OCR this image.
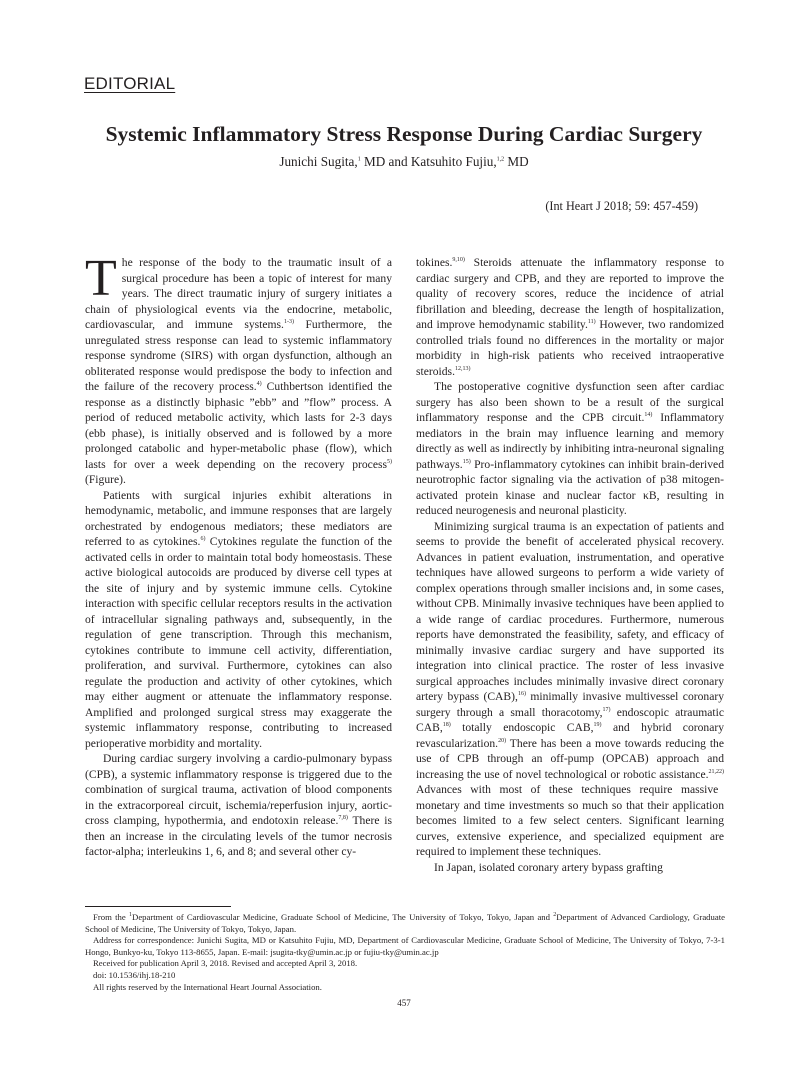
EDITORIAL
Systemic Inflammatory Stress Response During Cardiac Surgery
Junichi Sugita,$^1$ MD and Katsuhito Fujiu,$^{1,2}$ MD
(Int Heart J 2018; 59: 457-459)

The response of the body to the traumatic insult of a surgical procedure has been a topic of interest for many years. The direct traumatic injury of surgery initiates a chain of physiological events via the endocrine, metabolic, cardiovascular, and immune systems.$^{1-3)}$ Furthermore, the unregulated stress response can lead to systemic inflammatory response syndrome (SIRS) with organ dysfunction, although an obliterated response would predispose the body to infection and the failure of the recovery process.$^{4)}$ Cuthbertson identified the response as a distinctly biphasic ”ebb” and ”flow” process. A period of reduced metabolic activity, which lasts for 2-3 days (ebb phase), is initially observed and is followed by a more prolonged catabolic and hyper-metabolic phase (flow), which lasts for over a week depending on the recovery process$^{5)}$ (Figure).

Patients with surgical injuries exhibit alterations in hemodynamic, metabolic, and immune responses that are largely orchestrated by endogenous mediators; these mediators are referred to as cytokines.$^{6)}$ Cytokines regulate the function of the activated cells in order to maintain total body homeostasis. These active biological autocoids are produced by diverse cell types at the site of injury and by systemic immune cells. Cytokine interaction with specific cellular receptors results in the activation of intracellular signaling pathways and, subsequently, in the regulation of gene transcription. Through this mechanism, cytokines contribute to immune cell activity, differentiation, proliferation, and survival. Furthermore, cytokines can also regulate the production and activity of other cytokines, which may either augment or attenuate the inflammatory response. Amplified and prolonged surgical stress may exaggerate the systemic inflammatory response, contributing to increased perioperative morbidity and mortality.

During cardiac surgery involving a cardio-pulmonary bypass (CPB), a systemic inflammatory response is triggered due to the combination of surgical trauma, activation of blood components in the extracorporeal circuit, ischemia/reperfusion injury, aortic-cross clamping, hypothermia, and endotoxin release.$^{7,8)}$ There is then an increase in the circulating levels of the tumor necrosis factor-alpha; interleukins 1, 6, and 8; and several other cy-

tokines.$^{9,10)}$ Steroids attenuate the inflammatory response to cardiac surgery and CPB, and they are reported to improve the quality of recovery scores, reduce the incidence of atrial fibrillation and bleeding, decrease the length of hospitalization, and improve hemodynamic stability.$^{11)}$ However, two randomized controlled trials found no differences in the mortality or major morbidity in high-risk patients who received intraoperative steroids.$^{12,13)}$

The postoperative cognitive dysfunction seen after cardiac surgery has also been shown to be a result of the surgical inflammatory response and the CPB circuit.$^{14)}$ Inflammatory mediators in the brain may influence learning and memory directly as well as indirectly by inhibiting intra-neuronal signaling pathways.$^{15)}$ Pro-inflammatory cytokines can inhibit brain-derived neurotrophic factor signaling via the activation of p38 mitogen-activated protein kinase and nuclear factor κB, resulting in reduced neurogenesis and neuronal plasticity.

Minimizing surgical trauma is an expectation of patients and seems to provide the benefit of accelerated physical recovery. Advances in patient evaluation, instrumentation, and operative techniques have allowed surgeons to perform a wide variety of complex operations through smaller incisions and, in some cases, without CPB. Minimally invasive techniques have been applied to a wide range of cardiac procedures. Furthermore, numerous reports have demonstrated the feasibility, safety, and efficacy of minimally invasive cardiac surgery and have supported its integration into clinical practice. The roster of less invasive surgical approaches includes minimally invasive direct coronary artery bypass (CAB),$^{16)}$ minimally invasive multivessel coronary surgery through a small thoracotomy,$^{17)}$ endoscopic atraumatic CAB,$^{18)}$ totally endoscopic CAB,$^{19)}$ and hybrid coronary revascularization.$^{20)}$ There has been a move towards reducing the use of CPB through an off-pump (OPCAB) approach and increasing the use of novel technological or robotic assistance.$^{21,22)}$ Advances with most of these techniques require massive monetary and time investments so much so that their application becomes limited to a few select centers. Significant learning curves, extensive experience, and specialized equipment are required to implement these techniques.

In Japan, isolated coronary artery bypass grafting

From the $^1$Department of Cardiovascular Medicine, Graduate School of Medicine, The University of Tokyo, Tokyo, Japan and $^2$Department of Advanced Cardiology, Graduate School of Medicine, The University of Tokyo, Tokyo, Japan.
Address for correspondence: Junichi Sugita, MD or Katsuhito Fujiu, MD, Department of Cardiovascular Medicine, Graduate School of Medicine, The University of Tokyo, 7-3-1 Hongo, Bunkyo-ku, Tokyo 113-8655, Japan. E-mail: jsugita-tky@umin.ac.jp or fujiu-tky@umin.ac.jp
Received for publication April 3, 2018. Revised and accepted April 3, 2018.
doi: 10.1536/ihj.18-210
All rights reserved by the International Heart Journal Association.
457
